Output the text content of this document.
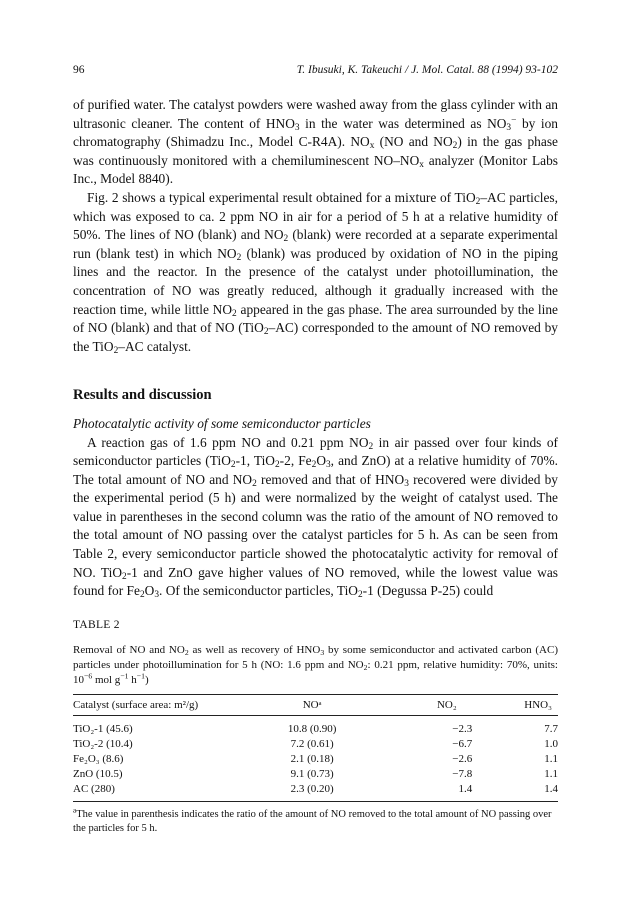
96	T. Ibusuki, K. Takeuchi / J. Mol. Catal. 88 (1994) 93-102

of purified water. The catalyst powders were washed away from the glass cylinder with an ultrasonic cleaner. The content of $HNO_3$ in the water was determined as $NO_3^-$ by ion chromatography (Shimadzu Inc., Model C-R4A). $NO_x$ (NO and $NO_2$) in the gas phase was continuously monitored with a chemiluminescent $NO-NO_x$ analyzer (Monitor Labs Inc., Model 8840).

Fig. 2 shows a typical experimental result obtained for a mixture of TiO$_2$–AC particles, which was exposed to ca. 2 ppm NO in air for a period of 5 h at a relative humidity of 50%. The lines of NO (blank) and $NO_2$ (blank) were recorded at a separate experimental run (blank test) in which $NO_2$ (blank) was produced by oxidation of NO in the piping lines and the reactor. In the presence of the catalyst under photoillumination, the concentration of NO was greatly reduced, although it gradually increased with the reaction time, while little $NO_2$ appeared in the gas phase. The area surrounded by the line of NO (blank) and that of NO (TiO$_2$–AC) corresponded to the amount of NO removed by the TiO$_2$–AC catalyst.

Results and discussion

Photocatalytic activity of some semiconductor particles

A reaction gas of 1.6 ppm NO and 0.21 ppm $NO_2$ in air passed over four kinds of semiconductor particles (TiO$_2$-1, TiO$_2$-2, $Fe_2O_3$, and ZnO) at a relative humidity of 70%. The total amount of NO and $NO_2$ removed and that of $HNO_3$ recovered were divided by the experimental period (5 h) and were normalized by the weight of catalyst used. The value in parentheses in the second column was the ratio of the amount of NO removed to the total amount of NO passing over the catalyst particles for 5 h. As can be seen from Table 2, every semiconductor particle showed the photocatalytic activity for removal of NO. TiO$_2$-1 and ZnO gave higher values of NO removed, while the lowest value was found for $Fe_2O_3$. Of the semiconductor particles, TiO$_2$-1 (Degussa P-25) could

TABLE 2
Removal of NO and $NO_2$ as well as recovery of $HNO_3$ by some semiconductor and activated carbon (AC) particles under photoillumination for 5 h (NO: 1.6 ppm and $NO_2$: 0.21 ppm, relative humidity: 70%, units: $10^{-6}$ mol $g^{-1}$ $h^{-1}$)
Catalyst (surface area: m²/g)	NOᵃ	NO₂	HNO₃
TiO₂-1 (45.6)	10.8 (0.90)	−2.3	7.7
TiO₂-2 (10.4)	7.2 (0.61)	−6.7	1.0
Fe₂O₃ (8.6)	2.1 (0.18)	−2.6	1.1
ZnO (10.5)	9.1 (0.73)	−7.8	1.1
AC (280)	2.3 (0.20)	1.4	1.4
$^a$The value in parenthesis indicates the ratio of the amount of NO removed to the total amount of NO passing over the particles for 5 h.
